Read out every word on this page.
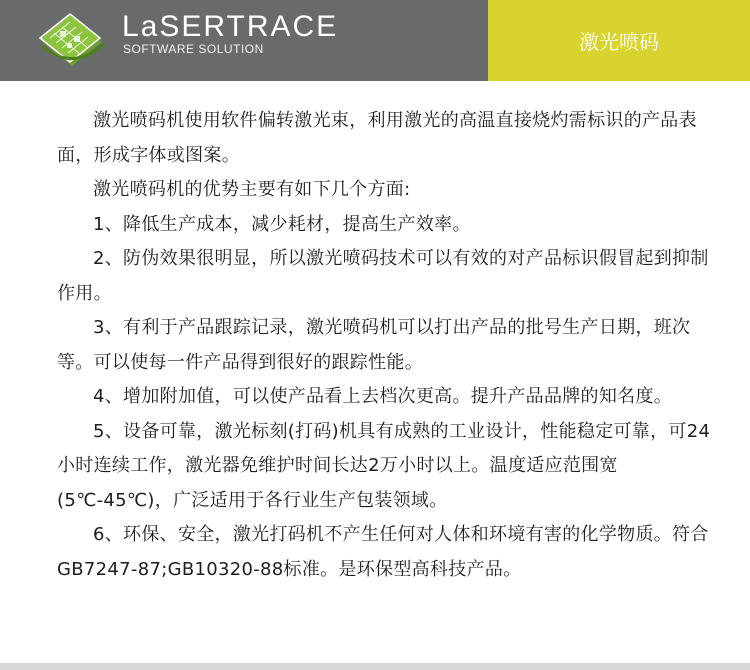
LaSERTRACE
SOFTWARE SOLUTION	激光喷码

激光喷码机使用软件偏转激光束，利用激光的高温直接烧灼需标识的产品表面，形成字体或图案。

激光喷码机的优势主要有如下几个方面:

1、降低生产成本，减少耗材，提高生产效率。

2、防伪效果很明显，所以激光喷码技术可以有效的对产品标识假冒起到抑制作用。

3、有利于产品跟踪记录，激光喷码机可以打出产品的批号生产日期，班次等。可以使每一件产品得到很好的跟踪性能。

4、增加附加值，可以使产品看上去档次更高。提升产品品牌的知名度。

5、设备可靠，激光标刻(打码)机具有成熟的工业设计，性能稳定可靠，可24小时连续工作，激光器免维护时间长达2万小时以上。温度适应范围宽(5℃-45℃)，广泛适用于各行业生产包装领域。

6、环保、安全，激光打码机不产生任何对人体和环境有害的化学物质。符合GB7247-87;GB10320-88标准。是环保型高科技产品。
